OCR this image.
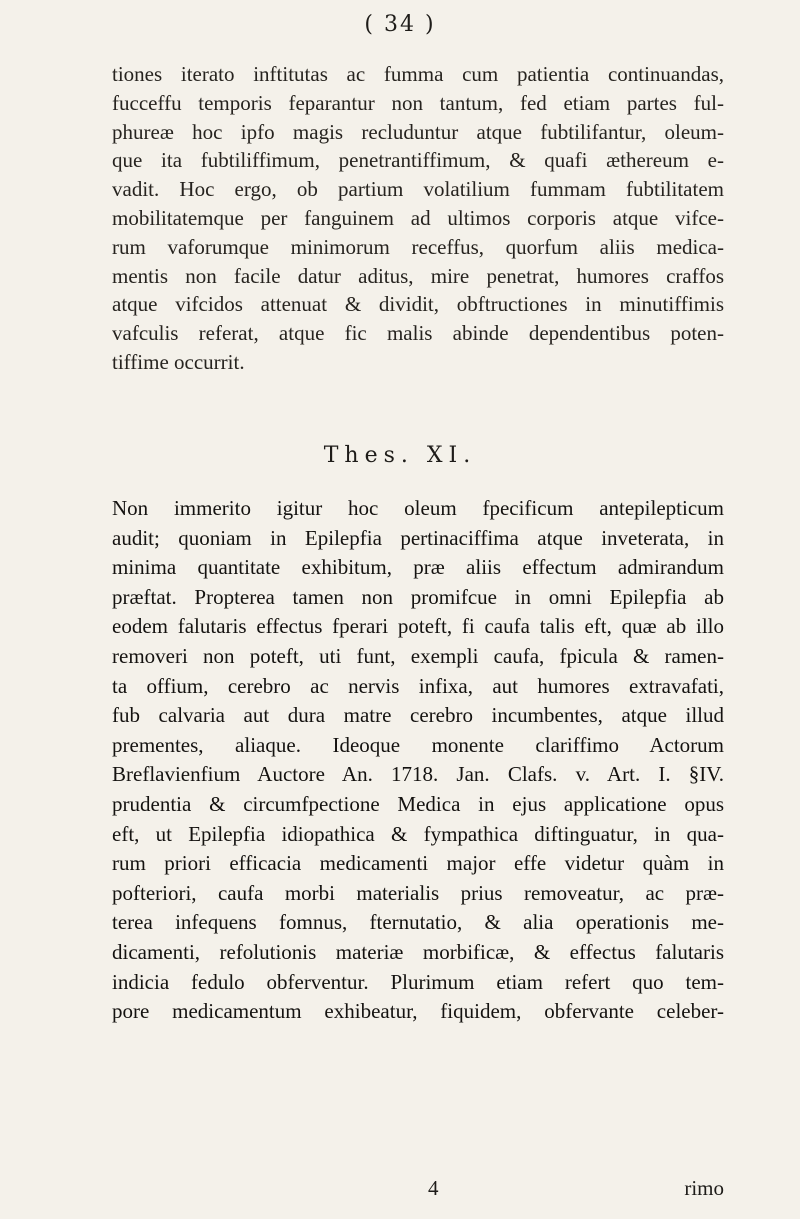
( 34 )
tiones iterato inftitutas ac fumma cum patientia continuandas,
fucceffu temporis feparantur non tantum, fed etiam partes ful-
phureæ hoc ipfo magis recluduntur atque fubtilifantur, oleum-
que ita fubtiliffimum, penetrantiffimum, & quafi æthereum e-
vadit. Hoc ergo, ob partium volatilium fummam fubtilitatem
mobilitatemque per fanguinem ad ultimos corporis atque vifce-
rum vaforumque minimorum receffus, quorfum aliis medica-
mentis non facile datur aditus, mire penetrat, humores craffos
atque vifcidos attenuat & dividit, obftructiones in minutiffimis
vafculis referat, atque fic malis abinde dependentibus poten-
tiffime occurrit.
Thes. XI.
Non immerito igitur hoc oleum fpecificum antepilepticum
audit; quoniam in Epilepfia pertinaciffima atque inveterata, in
minima quantitate exhibitum, præ aliis effectum admirandum
præftat. Propterea tamen non promifcue in omni Epilepfia ab
eodem falutaris effectus fperari poteft, fi caufa talis eft, quæ ab illo
removeri non poteft, uti funt, exempli caufa, fpicula & ramen-
ta offium, cerebro ac nervis infixa, aut humores extravafati,
fub calvaria aut dura matre cerebro incumbentes, atque illud
prementes, aliaque. Ideoque monente clariffimo Actorum
Breflavienfium Auctore An. 1718. Jan. Clafs. v. Art. I. §IV.
prudentia & circumfpectione Medica in ejus applicatione opus
eft, ut Epilepfia idiopathica & fympathica diftinguatur, in qua-
rum priori efficacia medicamenti major effe videtur quàm in
pofteriori, caufa morbi materialis prius removeatur, ac præ-
terea infequens fomnus, fternutatio, & alia operationis me-
dicamenti, refolutionis materiæ morbificæ, & effectus falutaris
indicia fedulo obferventur. Plurimum etiam refert quo tem-
pore medicamentum exhibeatur, fiquidem, obfervante celeber-
4	rimo
